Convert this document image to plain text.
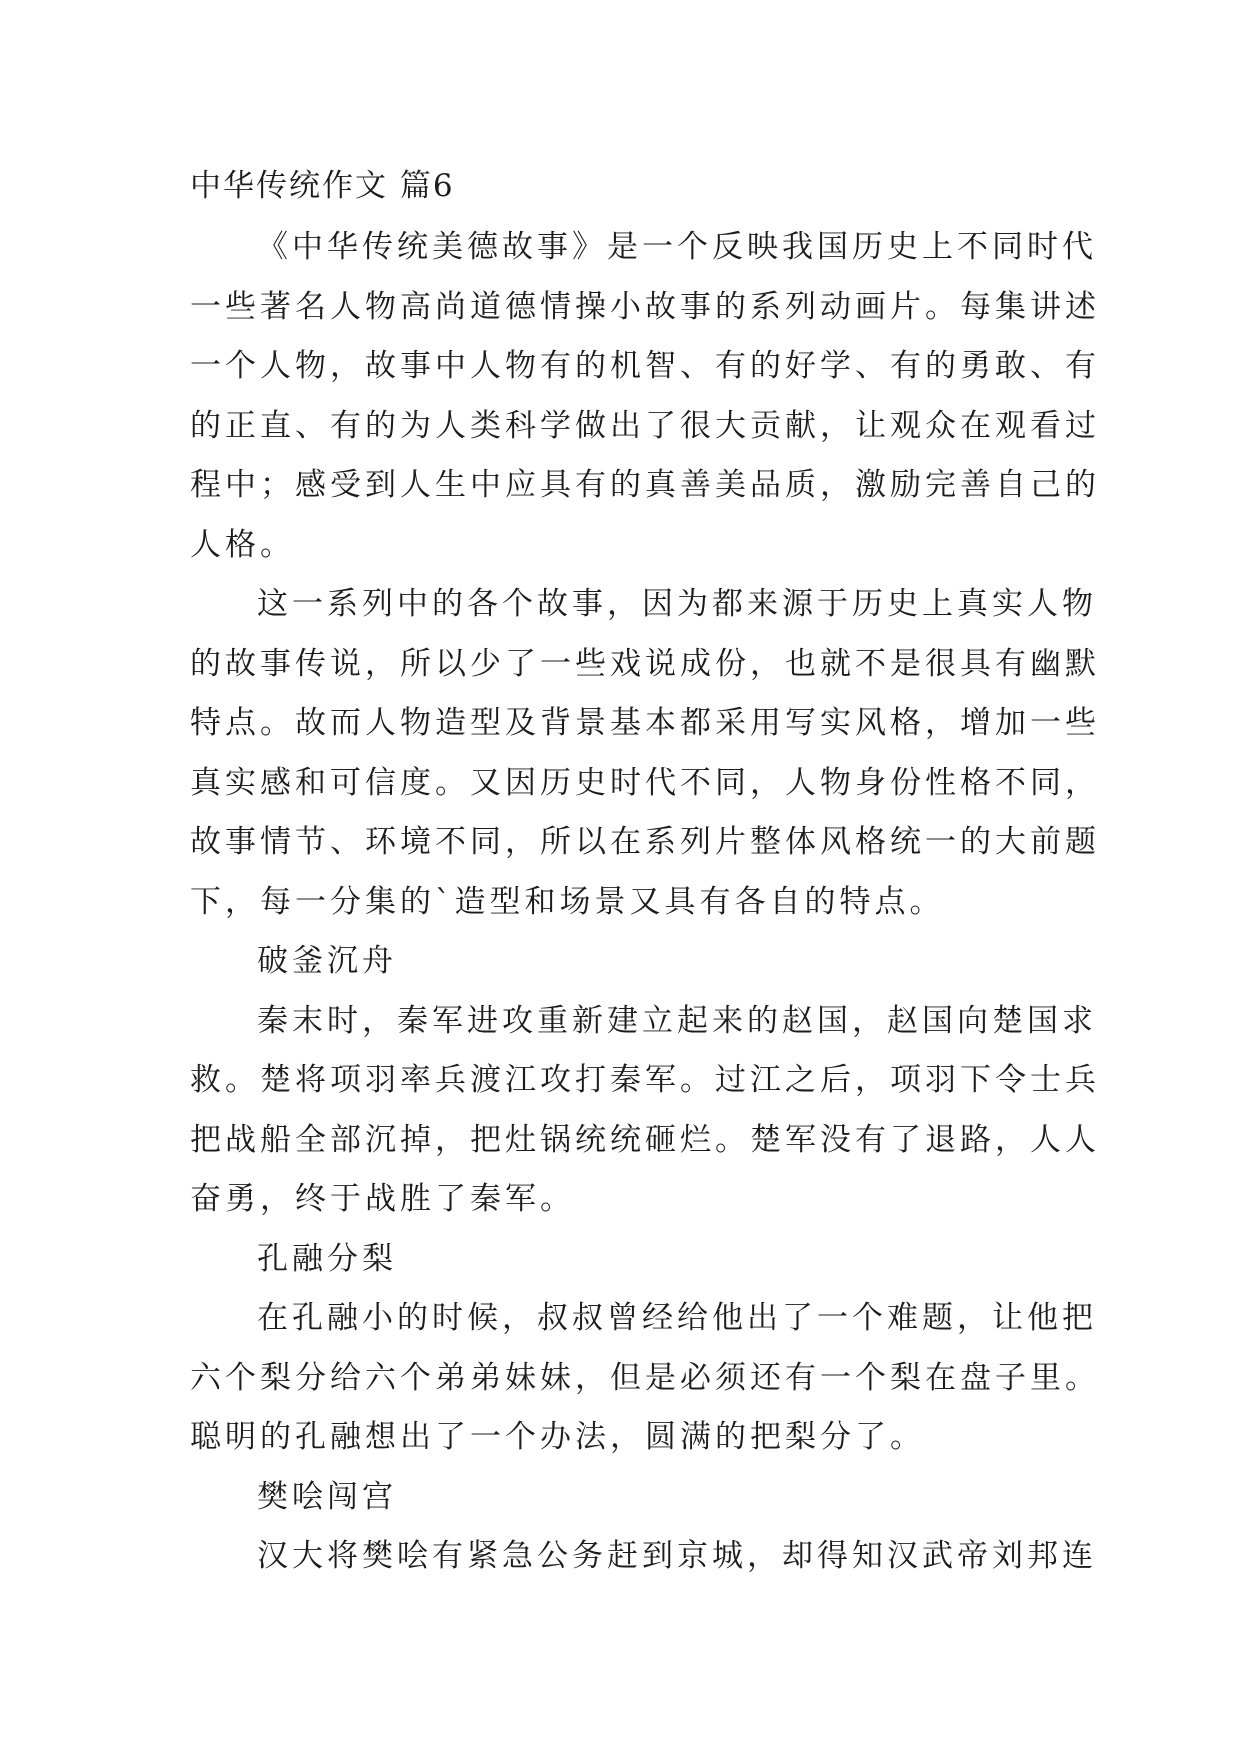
中华传统作文 篇6
《中华传统美德故事》是一个反映我国历史上不同时代
一些著名人物高尚道德情操小故事的系列动画片。每集讲述
一个人物，故事中人物有的机智、有的好学、有的勇敢、有
的正直、有的为人类科学做出了很大贡献，让观众在观看过
程中；感受到人生中应具有的真善美品质，激励完善自己的
人格。
这一系列中的各个故事，因为都来源于历史上真实人物
的故事传说，所以少了一些戏说成份，也就不是很具有幽默
特点。故而人物造型及背景基本都采用写实风格，增加一些
真实感和可信度。又因历史时代不同，人物身份性格不同，
故事情节、环境不同，所以在系列片整体风格统一的大前题
下，每一分集的`造型和场景又具有各自的特点。
破釜沉舟
秦末时，秦军进攻重新建立起来的赵国，赵国向楚国求
救。楚将项羽率兵渡江攻打秦军。过江之后，项羽下令士兵
把战船全部沉掉，把灶锅统统砸烂。楚军没有了退路，人人
奋勇，终于战胜了秦军。
孔融分梨
在孔融小的时候，叔叔曾经给他出了一个难题，让他把
六个梨分给六个弟弟妹妹，但是必须还有一个梨在盘子里。
聪明的孔融想出了一个办法，圆满的把梨分了。
樊哙闯宫
汉大将樊哙有紧急公务赶到京城，却得知汉武帝刘邦连
